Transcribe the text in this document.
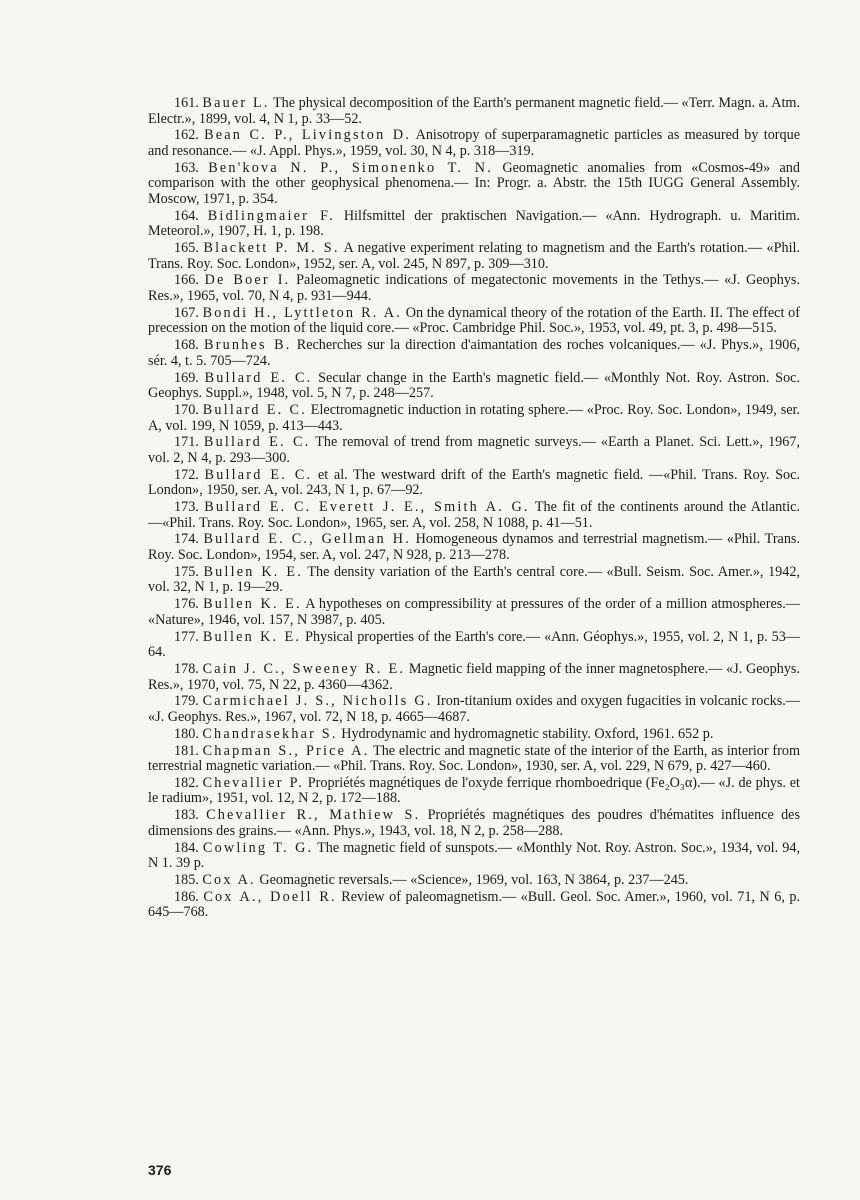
161. Bauer L. The physical decomposition of the Earth's permanent magnetic field.— «Terr. Magn. a. Atm. Electr.», 1899, vol. 4, N 1, p. 33—52.

162. Bean C. P., Livingston D. Anisotropy of superparamagnetic particles as measured by torque and resonance.— «J. Appl. Phys.», 1959, vol. 30, N 4, p. 318—319.

163. Ben'kova N. P., Simonenko T. N. Geomagnetic anomalies from «Cosmos-49» and comparison with the other geophysical phenomena.— In: Progr. a. Abstr. the 15th IUGG General Assembly. Moscow, 1971, p. 354.

164. Bidlingmaier F. Hilfsmittel der praktischen Navigation.— «Ann. Hydrograph. u. Maritim. Meteorol.», 1907, H. 1, p. 198.

165. Blackett P. M. S. A negative experiment relating to magnetism and the Earth's rotation.— «Phil. Trans. Roy. Soc. London», 1952, ser. A, vol. 245, N 897, p. 309—310.

166. De Boer I. Paleomagnetic indications of megatectonic movements in the Tethys.— «J. Geophys. Res.», 1965, vol. 70, N 4, p. 931—944.

167. Bondi H., Lyttleton R. A. On the dynamical theory of the rotation of the Earth. II. The effect of precession on the motion of the liquid core.— «Proc. Cambridge Phil. Soc.», 1953, vol. 49, pt. 3, p. 498—515.

168. Brunhes B. Recherches sur la direction d'aimantation des roches volcaniques.— «J. Phys.», 1906, sér. 4, t. 5. 705—724.

169. Bullard E. C. Secular change in the Earth's magnetic field.— «Monthly Not. Roy. Astron. Soc. Geophys. Suppl.», 1948, vol. 5, N 7, p. 248—257.

170. Bullard E. C. Electromagnetic induction in rotating sphere.— «Proc. Roy. Soc. London», 1949, ser. A, vol. 199, N 1059, p. 413—443.

171. Bullard E. C. The removal of trend from magnetic surveys.— «Earth a Planet. Sci. Lett.», 1967, vol. 2, N 4, p. 293—300.

172. Bullard E. C. et al. The westward drift of the Earth's magnetic field. —«Phil. Trans. Roy. Soc. London», 1950, ser. A, vol. 243, N 1, p. 67—92.

173. Bullard E. C. Everett J. E., Smith A. G. The fit of the continents around the Atlantic.—«Phil. Trans. Roy. Soc. London», 1965, ser. A, vol. 258, N 1088, p. 41—51.

174. Bullard E. C., Gellman H. Homogeneous dynamos and terrestrial magnetism.— «Phil. Trans. Roy. Soc. London», 1954, ser. A, vol. 247, N 928, p. 213—278.

175. Bullen K. E. The density variation of the Earth's central core.— «Bull. Seism. Soc. Amer.», 1942, vol. 32, N 1, p. 19—29.

176. Bullen K. E. A hypotheses on compressibility at pressures of the order of a million atmospheres.— «Nature», 1946, vol. 157, N 3987, p. 405.

177. Bullen K. E. Physical properties of the Earth's core.— «Ann. Géophys.», 1955, vol. 2, N 1, p. 53—64.

178. Cain J. C., Sweeney R. E. Magnetic field mapping of the inner magnetosphere.— «J. Geophys. Res.», 1970, vol. 75, N 22, p. 4360—4362.

179. Carmichael J. S., Nicholls G. Iron-titanium oxides and oxygen fugacities in volcanic rocks.— «J. Geophys. Res.», 1967, vol. 72, N 18, p. 4665—4687.

180. Chandrasekhar S. Hydrodynamic and hydromagnetic stability. Oxford, 1961. 652 p.

181. Chapman S., Price A. The electric and magnetic state of the interior of the Earth, as interior from terrestrial magnetic variation.— «Phil. Trans. Roy. Soc. London», 1930, ser. A, vol. 229, N 679, p. 427—460.

182. Chevallier P. Propriétés magnétiques de l'oxyde ferrique rhomboedrique (Fe₂O₃α).— «J. de phys. et le radium», 1951, vol. 12, N 2, p. 172—188.

183. Chevallier R., Mathiew S. Propriétés magnétiques des poudres d'hématites influence des dimensions des grains.— «Ann. Phys.», 1943, vol. 18, N 2, p. 258—288.

184. Cowling T. G. The magnetic field of sunspots.— «Monthly Not. Roy. Astron. Soc.», 1934, vol. 94, N 1. 39 p.

185. Cox A. Geomagnetic reversals.— «Science», 1969, vol. 163, N 3864, p. 237—245.

186. Cox A., Doell R. Review of paleomagnetism.— «Bull. Geol. Soc. Amer.», 1960, vol. 71, N 6, p. 645—768.

376
